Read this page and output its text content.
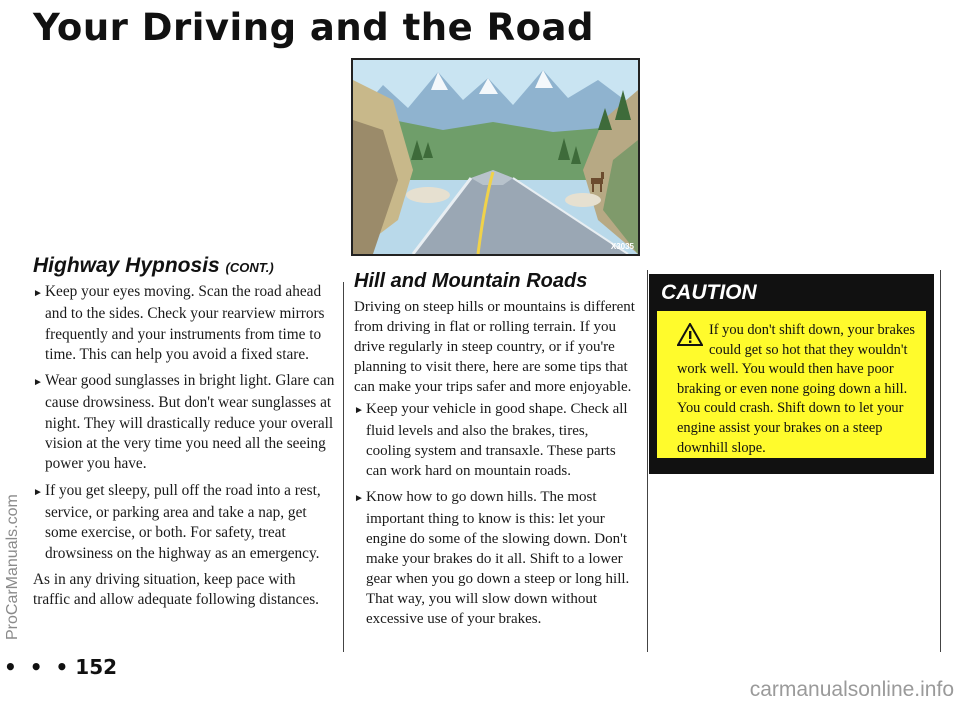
Your Driving and the Road
ProCarManuals.com
X3035
Highway Hypnosis (CONT.)

► Keep your eyes moving. Scan the road ahead and to the sides. Check your rearview mirrors frequently and your instruments from time to time. This can help you avoid a fixed stare.

► Wear good sunglasses in bright light. Glare can cause drowsiness. But don't wear sunglasses at night. They will drastically reduce your overall vision at the very time you need all the seeing power you have.

► If you get sleepy, pull off the road into a rest, service, or parking area and take a nap, get some exercise, or both. For safety, treat drowsiness on the highway as an emergency.

As in any driving situation, keep pace with traffic and allow adequate following distances.

Hill and Mountain Roads

Driving on steep hills or mountains is different from driving in flat or rolling terrain. If you drive regularly in steep country, or if you're planning to visit there, here are some tips that can make your trips safer and more enjoyable.

► Keep your vehicle in good shape. Check all fluid levels and also the brakes, tires, cooling system and transaxle. These parts can work hard on mountain roads.

► Know how to go down hills. The most important thing to know is this: let your engine do some of the slowing down. Don't make your brakes do it all. Shift to a lower gear when you go down a steep or long hill. That way, you will slow down without excessive use of your brakes.

CAUTION
If you don't shift down, your brakes could get so hot that they wouldn't work well. You would then have poor braking or even none going down a hill. You could crash. Shift down to let your engine assist your brakes on a steep downhill slope.
• • • 152
carmanualsonline.info
